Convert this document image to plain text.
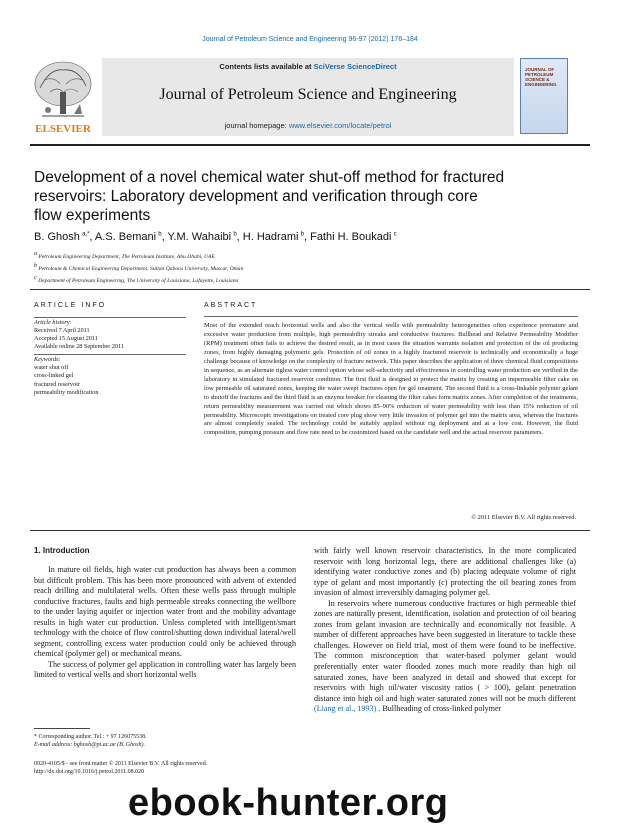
Journal of Petroleum Science and Engineering 96-97 (2012) 176–184
ELSEVIER
Contents lists available at SciVerse ScienceDirect
Journal of Petroleum Science and Engineering
journal homepage: www.elsevier.com/locate/petrol
JOURNAL OF
PETROLEUM
SCIENCE &
ENGINEERING
Development of a novel chemical water shut-off method for fractured
reservoirs: Laboratory development and verification through core
flow experiments
B. Ghosh  $^{a,*}$, A.S. Bemani  $^b$, Y.M. Wahaibi  $^b$, H. Hadrami  $^b$, Fathi H. Boukadi  $^c$
$^a$ Petroleum Engineering Department, The Petroleum Institute, Abu Dhabi, UAE
$^b$ Petroleum & Chemical Engineering Department, Sultan Qaboos University, Muscat, Oman
$^c$ Department of Petroleum Engineering, The University of Louisiana, Lafayette, Louisiana
ARTICLE INFO
Article history:
Received 7 April 2011
Accepted 15 August 2011
Available online 28 September 2011
Keywords:
water shut off
cross-linked gel
fractured reservoir
permeability modification
ABSTRACT
Most of the extended reach horizontal wells and also the vertical wells with permeability heterogeneities often experience premature and excessive water production from multiple, high permeability streaks and conductive fractures. Bullhead and Relative Permeability Modifier (RPM) treatment often fails to achieve the desired result, as in most cases the situation warrants isolation and protection of the oil producing zones, from highly damaging polymeric gels. Protection of oil zones in a highly fractured reservoir is technically and economically a huge challenge because of knowledge on the complexity of fracture network. This paper describes the application of three chemical fluid compositions in sequence, as an alternate rigless water control option whose self-selectivity and effectiveness in controlling water production are verified in the laboratory in simulated fractured reservoir condition. The first fluid is designed to protect the matrix by creating an impermeable filter cake on low permeable oil saturated zones, keeping the water swept fractures open for gel treatment. The second fluid is a cross-linkable polymer gelant to shutoff the fractures and the third fluid is an enzyme breaker for cleaning the filter cakes form matrix zones. After completion of the treatments, return permeability measurement was carried out which shows 85–90% reduction of water permeability with less than 15% reduction of oil permeability. Microscopic investigations on treated core plug show very little invasion of polymer gel into the matrix area, whereas the fractures are almost completely sealed. The technology could be suitably applied without rig deployment and at a low cost. However, the fluid composition, pumping pressure and flow rate need to be customized based on the candidate well and the actual reservoir parameters.
© 2011 Elsevier B.V. All rights reserved.
1. Introduction

In mature oil fields, high water cut production has always been a common but difficult problem. This has been more pronounced with advent of extended reach drilling and multilateral wells. Often these wells pass through multiple conductive fractures, faults and high permeable streaks connecting the wellbore to the under laying aquifer or injection water front and the mobility advantage results in high water cut production. Unless completed with intelligent/smart technology with the choice of flow control/shutting down individual lateral/well segment, controlling excess water production could only be achieved through chemical (polymer gel) or mechanical means.

The success of polymer gel application in controlling water has largely been limited to vertical wells and short horizontal wells

with fairly well known reservoir characteristics. In the more complicated reservoir with long horizontal legs, there are additional challenges like (a) identifying water conductive zones and (b) placing adequate volume of right type of gelant and most importantly (c) protecting the oil bearing zones from invasion of almost irreversibly damaging polymer gel.

In reservoirs where numerous conductive fractures or high permeable thief zones are naturally present, identification, isolation and protection of oil bearing zones from gelant invasion are technically and economically not feasible. A number of different approaches have been suggested in literature to tackle these challenges. However on field trial, most of them were found to be ineffective. The common misconception that water-based polymer gelant would preferentially enter water flooded zones much more readily than high oil saturated zones, have been analyzed in detail and showed that except for reservoirs with high oil/water viscosity ratios ( > 100), gelant penetration distance into high oil and high water saturated zones will not be much different (Liang et al., 1993) . Bullheading of cross-linked polymer

* Corresponding author. Tel.: + 97 126075538.
E-mail address: bghosh@pi.ac.ae (B. Ghosh).
0920-4105/$ - see front matter © 2011 Elsevier B.V. All rights reserved.
http://dx.doi.org/10.1016/j.petrol.2011.08.020
ebook-hunter.org
